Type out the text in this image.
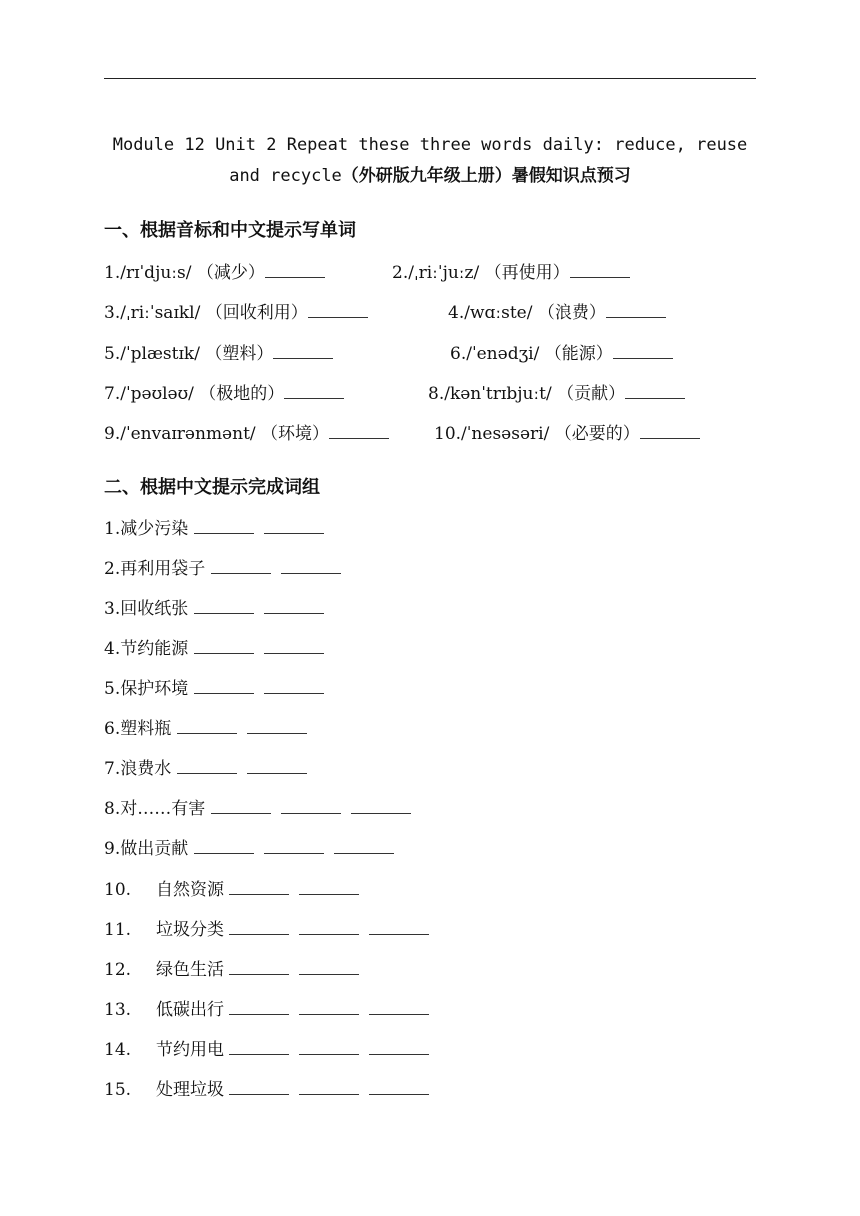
Module 12 Unit 2 Repeat these three words daily: reduce, reuse
and recycle（外研版九年级上册）暑假知识点预习
一、根据音标和中文提示写单词
1./rɪˈdjuːs/ （减少）	2./ˌriːˈjuːz/ （再使用）
3./ˌriːˈsaɪkl/ （回收利用）	4./wɑːste/ （浪费）
5./ˈplæstɪk/ （塑料）	6./ˈenədʒi/ （能源）
7./ˈpəʊləʊ/ （极地的）	8./kənˈtrɪbjuːt/ （贡献）
9./ˈenvaɪrənmənt/ （环境）	10./ˈnesəsəri/ （必要的）
二、根据中文提示完成词组
1.减少污染
2.再利用袋子
3.回收纸张
4.节约能源
5.保护环境
6.塑料瓶
7.浪费水
8.对……有害
9.做出贡献
10. 自然资源
11. 垃圾分类
12. 绿色生活
13. 低碳出行
14. 节约用电
15. 处理垃圾
